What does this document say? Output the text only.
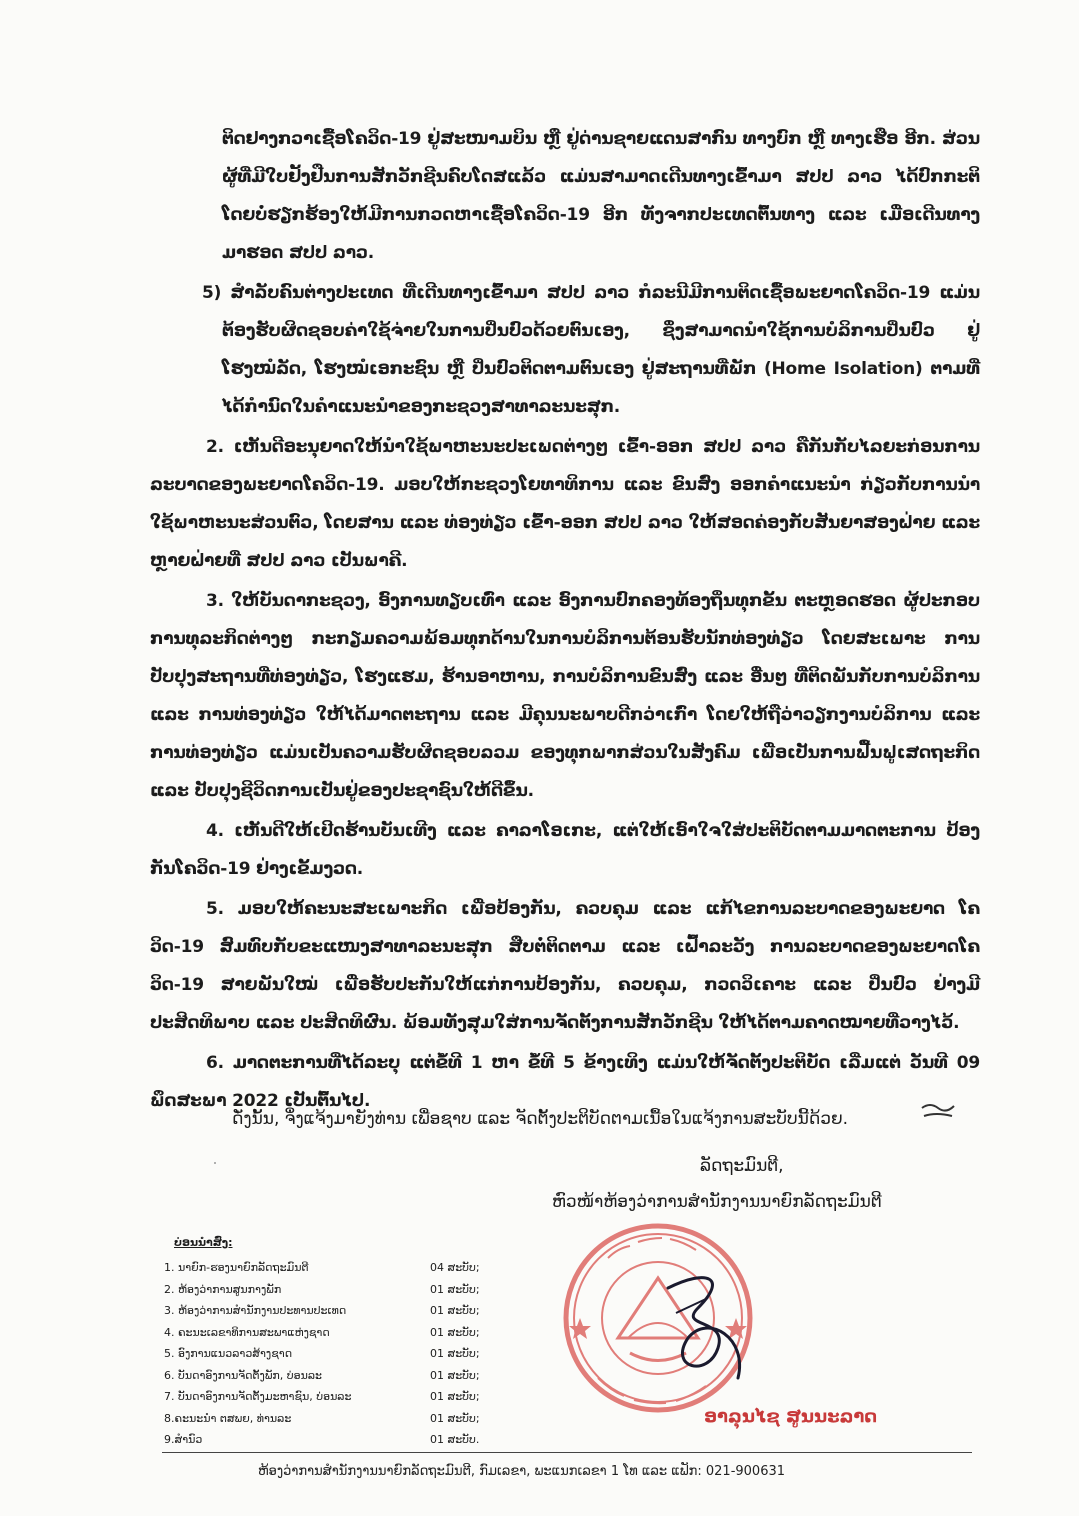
ຕິດຢາງກວາເຊື້ອໂຄວິດ-19 ຢູ່ສະໜາມບິນ ຫຼື ຢູ່ດ່ານຊາຍແດນສາກົນ ທາງບົກ ຫຼື ທາງເຮືອ ອີກ. ສ່ວນຜູ້ທີ່ມີໃບຢັ້ງຢືນການສັກວັກຊີນຄົບໂດສແລ້ວ ແມ່ນສາມາດເດີນທາງເຂົ້າມາ ສປປ ລາວ ໄດ້ປົກກະຕິ ໂດຍບໍ່ຮຽກຮ້ອງໃຫ້ມີການກວດຫາເຊື້ອໂຄວິດ-19 ອີກ ທັງຈາກປະເທດຕົ້ນທາງ ແລະ ເມື່ອເດີນທາງມາຮອດ ສປປ ລາວ.

5) ສໍາລັບຄົນຕ່າງປະເທດ ທີ່ເດີນທາງເຂົ້າມາ ສປປ ລາວ ກໍລະນີມີການຕິດເຊື້ອພະຍາດໂຄວິດ-19 ແມ່ນຕ້ອງຮັບຜິດຊອບຄ່າໃຊ້ຈ່າຍໃນການປິ່ນປົວດ້ວຍຕົນເອງ, ຊຶ່ງສາມາດນໍາໃຊ້ການບໍລິການປິ່ນປົວ ຢູ່ໂຮງໝໍລັດ, ໂຮງໝໍເອກະຊົນ ຫຼື ປິ່ນປົວຕິດຕາມຕົນເອງ ຢູ່ສະຖານທີ່ພັກ (Home Isolation) ຕາມທີ່ໄດ້ກໍານົດໃນຄໍາແນະນໍາຂອງກະຊວງສາທາລະນະສຸກ.

2. ເຫັນດີອະນຸຍາດໃຫ້ນໍາໃຊ້ພາຫະນະປະເພດຕ່າງໆ ເຂົ້າ-ອອກ ສປປ ລາວ ຄືກັນກັບໄລຍະກ່ອນການລະບາດຂອງພະຍາດໂຄວິດ-19. ມອບໃຫ້ກະຊວງໂຍທາທິການ ແລະ ຂົນສົ່ງ ອອກຄໍາແນະນໍາ ກ່ຽວກັບການນໍາໃຊ້ພາຫະນະສ່ວນຕົວ, ໂດຍສານ ແລະ ທ່ອງທ່ຽວ ເຂົ້າ-ອອກ ສປປ ລາວ ໃຫ້ສອດຄ່ອງກັບສັນຍາສອງຝ່າຍ ແລະ ຫຼາຍຝ່າຍທີ່ ສປປ ລາວ ເປັນພາຄີ.

3. ໃຫ້ບັນດາກະຊວງ, ອົງການທຽບເທົ່າ ແລະ ອົງການປົກຄອງທ້ອງຖິ່ນທຸກຂັ້ນ ຕະຫຼອດຮອດ ຜູ້ປະກອບການທຸລະກິດຕ່າງໆ ກະກຽມຄວາມພ້ອມທຸກດ້ານໃນການບໍລິການຕ້ອນຮັບນັກທ່ອງທ່ຽວ ໂດຍສະເພາະ ການປັບປຸງສະຖານທີ່ທ່ອງທ່ຽວ, ໂຮງແຮມ, ຮ້ານອາຫານ, ການບໍລິການຂົນສົ່ງ ແລະ ອື່ນໆ ທີ່ຕິດພັນກັບການບໍລິການ ແລະ ການທ່ອງທ່ຽວ ໃຫ້ໄດ້ມາດຕະຖານ ແລະ ມີຄຸນນະພາບດີກວ່າເກົ່າ ໂດຍໃຫ້ຖືວ່າວຽກງານບໍລິການ ແລະ ການທ່ອງທ່ຽວ ແມ່ນເປັນຄວາມຮັບຜິດຊອບລວມ ຂອງທຸກພາກສ່ວນໃນສັງຄົມ ເພື່ອເປັນການຟື້ນຟູເສດຖະກິດ ແລະ ປັບປຸງຊີວິດການເປັນຢູ່ຂອງປະຊາຊົນໃຫ້ດີຂຶ້ນ.

4. ເຫັນດີໃຫ້ເປີດຮ້ານບັນເທີງ ແລະ ຄາລາໂອເກະ, ແຕ່ໃຫ້ເອົາໃຈໃສ່ປະຕິບັດຕາມມາດຕະການ ປ້ອງກັນໂຄວິດ-19 ຢ່າງເຂັ້ມງວດ.

5. ມອບໃຫ້ຄະນະສະເພາະກິດ ເພື່ອປ້ອງກັນ, ຄວບຄຸມ ແລະ ແກ້ໄຂການລະບາດຂອງພະຍາດ ໂຄວິດ-19 ສົມທົບກັບຂະແໜງສາທາລະນະສຸກ ສືບຕໍ່ຕິດຕາມ ແລະ ເຝົ້າລະວັງ ການລະບາດຂອງພະຍາດໂຄວິດ-19 ສາຍພັນໃໝ່ ເພື່ອຮັບປະກັນໃຫ້ແກ່ການປ້ອງກັນ, ຄວບຄຸມ, ກວດວິເຄາະ ແລະ ປິ່ນປົວ ຢ່າງມີປະສິດທິພາບ ແລະ ປະສິດທິຜົນ. ພ້ອມທັງສຸມໃສ່ການຈັດຕັ້ງການສັກວັກຊີນ ໃຫ້ໄດ້ຕາມຄາດໝາຍທີ່ວາງໄວ້.

6. ມາດຕະການທີ່ໄດ້ລະບຸ ແຕ່ຂໍ້ທີ 1 ຫາ ຂໍ້ທີ 5 ຂ້າງເທິງ ແມ່ນໃຫ້ຈັດຕັ້ງປະຕິບັດ ເລີ່ມແຕ່ ວັນທີ 09 ພຶດສະພາ 2022 ເປັນຕົ້ນໄປ.

ດັ່ງນັ້ນ, ຈຶ່ງແຈ້ງມາຍັງທ່ານ ເພື່ອຊາບ ແລະ ຈັດຕັ້ງປະຕິບັດຕາມເນື້ອໃນແຈ້ງການສະບັບນີ້ດ້ວຍ.
ລັດຖະມົນຕີ,
ຫົວໜ້າຫ້ອງວ່າການສໍານັກງານນາຍົກລັດຖະມົນຕີ
ບ່ອນນໍາສົ່ງ:
1. ນາຍົກ-ຮອງນາຍົກລັດຖະມົນຕີ	04 ສະບັບ;
2. ຫ້ອງວ່າການສູນກາງພັກ	01 ສະບັບ;
3. ຫ້ອງວ່າການສໍານັກງານປະທານປະເທດ	01 ສະບັບ;
4. ຄະນະເລຂາທິການສະພາແຫ່ງຊາດ	01 ສະບັບ;
5. ອົງການແນວລາວສ້າງຊາດ	01 ສະບັບ;
6. ບັນດາອົງການຈັດຕັ້ງພັກ, ບ່ອນລະ	01 ສະບັບ;
7. ບັນດາອົງການຈັດຕັ້ງມະຫາຊົນ, ບ່ອນລະ	01 ສະບັບ;
8.ຄະນະນໍາ ຕສພຍ, ທ່ານລະ	01 ສະບັບ;
9.ສໍານົວ	01 ສະບັບ.
ອາລຸນໄຊ ສູນນະລາດ
ຫ້ອງວ່າການສໍານັກງານນາຍົກລັດຖະມົນຕີ, ກົມເລຂາ, ພະແນກເລຂາ 1 ໂທ ແລະ ແຟັກ: 021-900631
